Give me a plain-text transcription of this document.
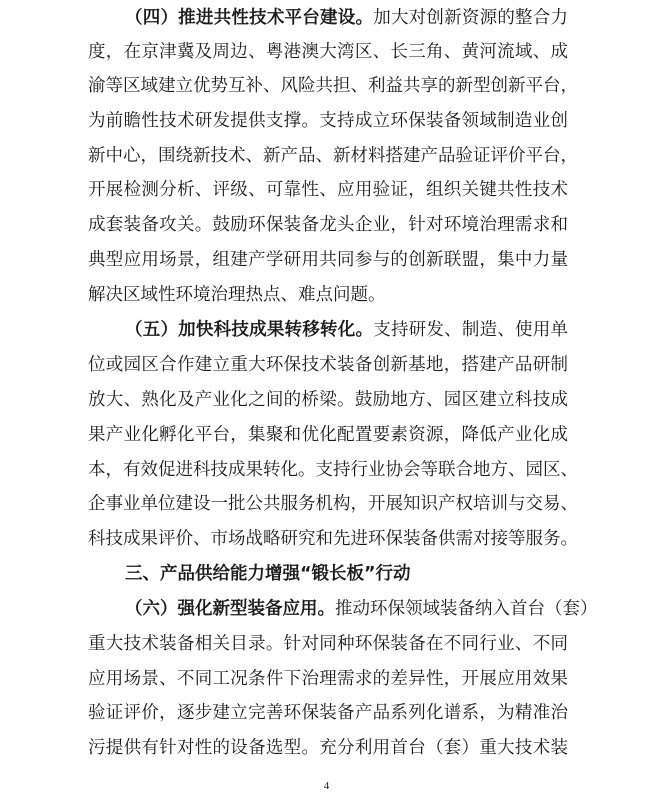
（四）推进共性技术平台建设。加大对创新资源的整合力
度，在京津冀及周边、粤港澳大湾区、长三角、黄河流域、成
渝等区域建立优势互补、风险共担、利益共享的新型创新平台，
为前瞻性技术研发提供支撑。支持成立环保装备领域制造业创
新中心，围绕新技术、新产品、新材料搭建产品验证评价平台，
开展检测分析、评级、可靠性、应用验证，组织关键共性技术
成套装备攻关。鼓励环保装备龙头企业，针对环境治理需求和
典型应用场景，组建产学研用共同参与的创新联盟，集中力量
解决区域性环境治理热点、难点问题。
（五）加快科技成果转移转化。支持研发、制造、使用单
位或园区合作建立重大环保技术装备创新基地，搭建产品研制
放大、熟化及产业化之间的桥梁。鼓励地方、园区建立科技成
果产业化孵化平台，集聚和优化配置要素资源，降低产业化成
本，有效促进科技成果转化。支持行业协会等联合地方、园区、
企事业单位建设一批公共服务机构，开展知识产权培训与交易、
科技成果评价、市场战略研究和先进环保装备供需对接等服务。
三、产品供给能力增强“锻长板”行动
（六）强化新型装备应用。推动环保领域装备纳入首台（套）
重大技术装备相关目录。针对同种环保装备在不同行业、不同
应用场景、不同工况条件下治理需求的差异性，开展应用效果
验证评价，逐步建立完善环保装备产品系列化谱系，为精准治
污提供有针对性的设备选型。充分利用首台（套）重大技术装
4
